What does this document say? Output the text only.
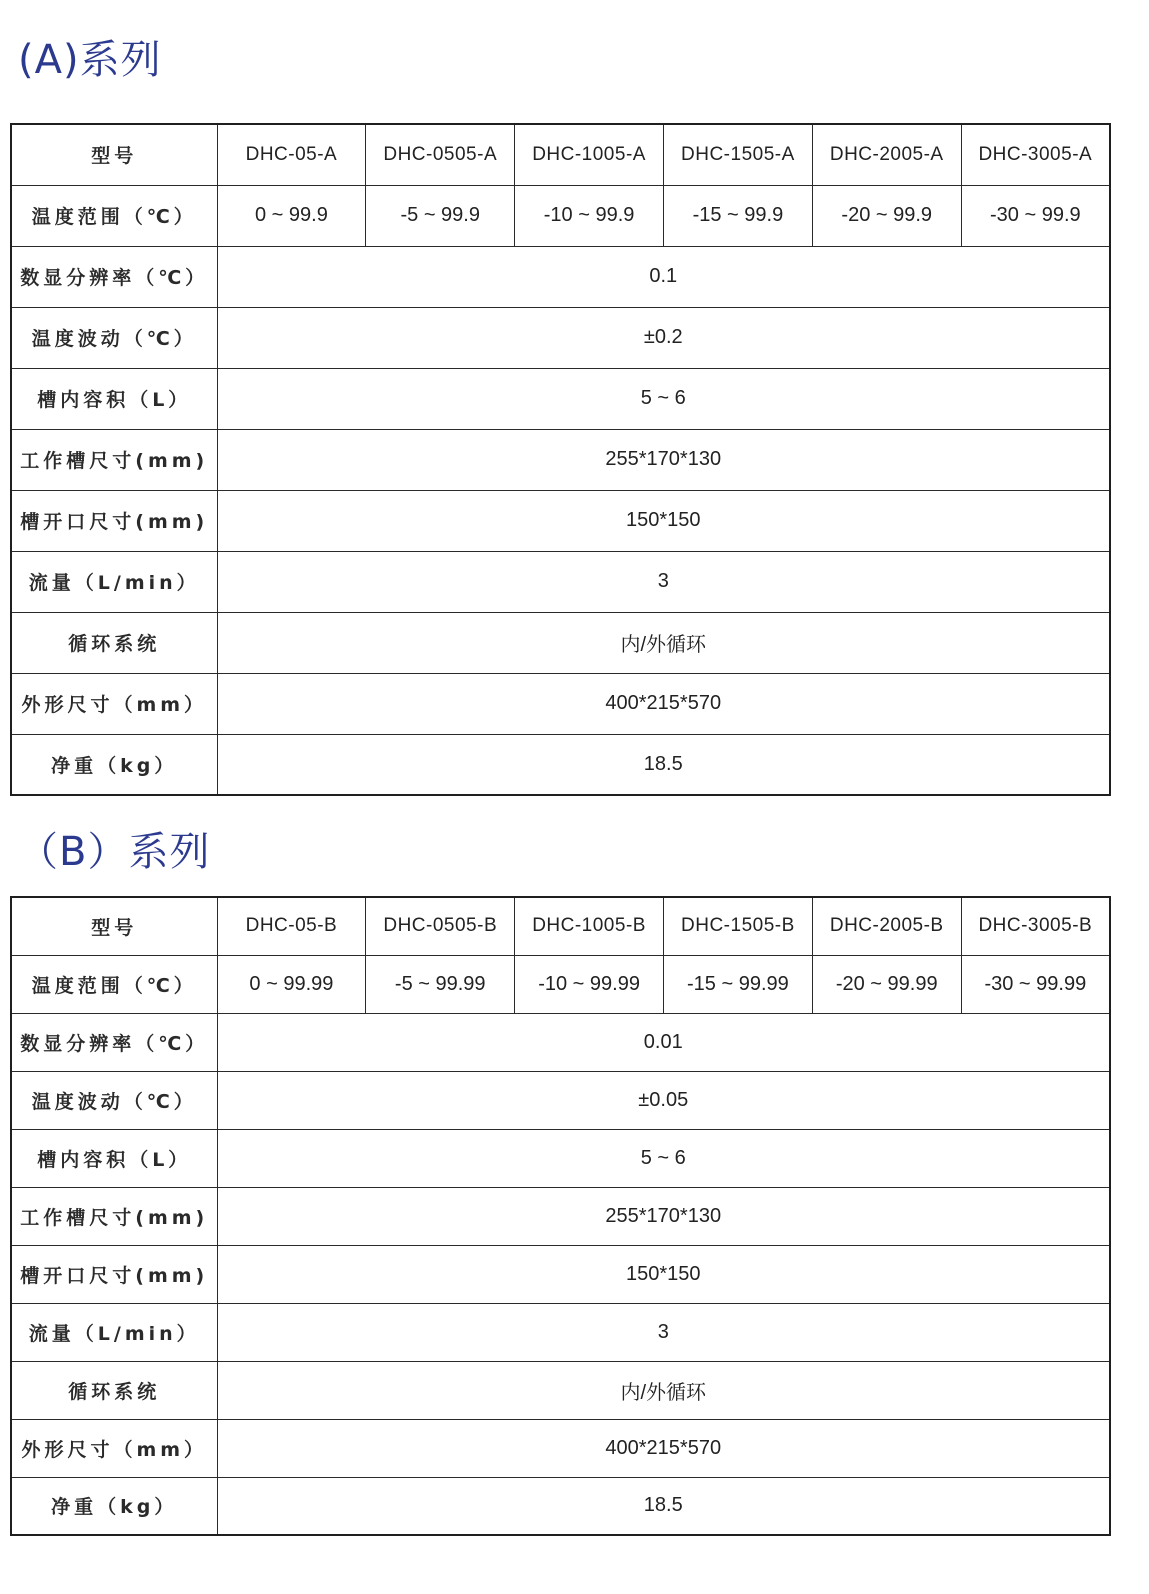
(A)系列
型号	DHC-05-A	DHC-0505-A	DHC-1005-A	DHC-1505-A	DHC-2005-A	DHC-3005-A
温度范围（℃）	0 ~ 99.9	-5 ~ 99.9	-10 ~ 99.9	-15 ~ 99.9	-20 ~ 99.9	-30 ~ 99.9
数显分辨率（℃）	0.1					
温度波动（℃）	±0.2					
槽内容积（L）	5 ~ 6					
工作槽尺寸(mm)	255*170*130					
槽开口尺寸(mm)	150*150					
流量（L/min）	3					
循环系统	内/外循环					
外形尺寸（mm）	400*215*570					
净重（kg）	18.5					
（B）系列
型号	DHC-05-B	DHC-0505-B	DHC-1005-B	DHC-1505-B	DHC-2005-B	DHC-3005-B
温度范围（℃）	0 ~ 99.99	-5 ~ 99.99	-10 ~ 99.99	-15 ~ 99.99	-20 ~ 99.99	-30 ~ 99.99
数显分辨率（℃）	0.01					
温度波动（℃）	±0.05					
槽内容积（L）	5 ~ 6					
工作槽尺寸(mm)	255*170*130					
槽开口尺寸(mm)	150*150					
流量（L/min）	3					
循环系统	内/外循环					
外形尺寸（mm）	400*215*570					
净重（kg）	18.5					
